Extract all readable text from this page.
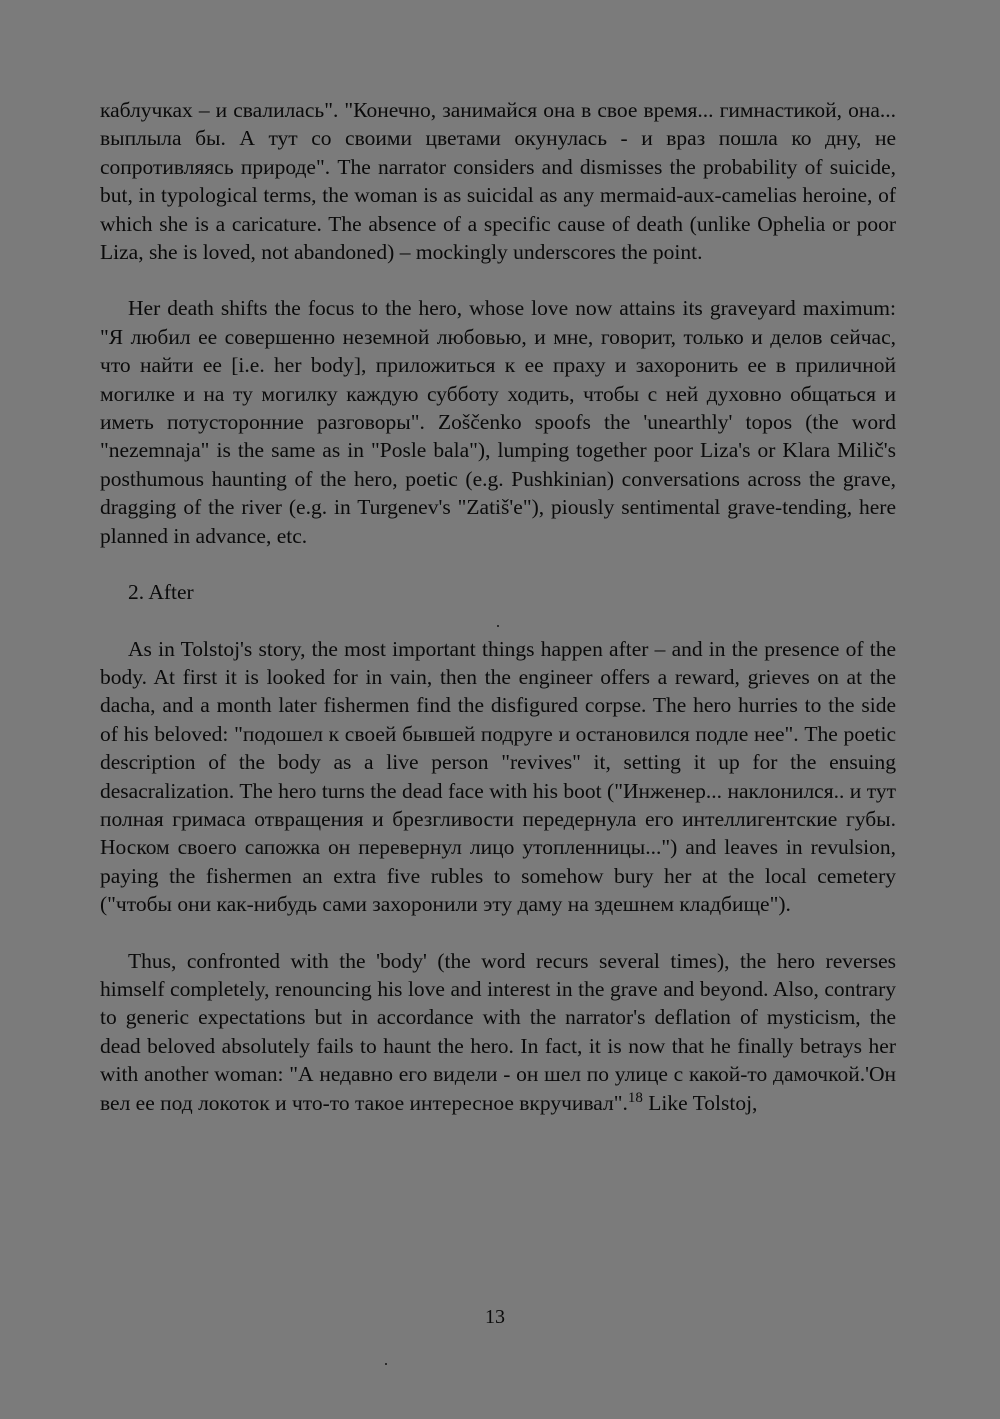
каблучках – и свалилась". "Конечно, занимайся она в свое время... гимнастикой, она... выплыла бы. А тут со своими цветами окунулась - и враз пошла ко дну, не сопротивляясь природе". The narrator considers and dismisses the probability of suicide, but, in typological terms, the woman is as suicidal as any mermaid-aux-camelias heroine, of which she is a caricature. The absence of a specific cause of death (unlike Ophelia or poor Liza, she is loved, not abandoned) – mockingly underscores the point.

Her death shifts the focus to the hero, whose love now attains its graveyard maximum: "Я любил ее совершенно неземной любовью, и мне, говорит, только и делов сейчас, что найти ее [i.e. her body], приложиться к ее праху и захоронить ее в приличной могилке и на ту могилку каждую субботу ходить, чтобы с ней духовно общаться и иметь потусторонние разговоры". Zoščenko spoofs the 'unearthly' topos (the word "nezemnaja" is the same as in "Posle bala"), lumping together poor Liza's or Klara Milič's posthumous haunting of the hero, poetic (e.g. Pushkinian) conversations across the grave, dragging of the river (e.g. in Turgenev's "Zatiš'e"), piously sentimental grave-tending, here planned in advance, etc.

2. After

As in Tolstoj's story, the most important things happen after – and in the presence of the body. At first it is looked for in vain, then the engineer offers a reward, grieves on at the dacha, and a month later fishermen find the disfigured corpse. The hero hurries to the side of his beloved: "подошел к своей бывшей подруге и остановился подле нее". The poetic description of the body as a live person "revives" it, setting it up for the ensuing desacralization. The hero turns the dead face with his boot ("Инженер... наклонился.. и тут полная гримаса отвращения и брезгливости передернула его интеллигентские губы. Носком своего сапожка он перевернул лицо утопленницы...") and leaves in revulsion, paying the fishermen an extra five rubles to somehow bury her at the local cemetery ("чтобы они как-нибудь сами захоронили эту даму на здешнем кладбище").

Thus, confronted with the 'body' (the word recurs several times), the hero reverses himself completely, renouncing his love and interest in the grave and beyond. Also, contrary to generic expectations but in accordance with the narrator's deflation of mysticism, the dead beloved absolutely fails to haunt the hero. In fact, it is now that he finally betrays her with another woman: "А недавно его видели - он шел по улице с какой-то дамочкой.'Он вел ее под локоток и что-то такое интересное вкручивал".$^{18}$ Like Tolstoj,

13
